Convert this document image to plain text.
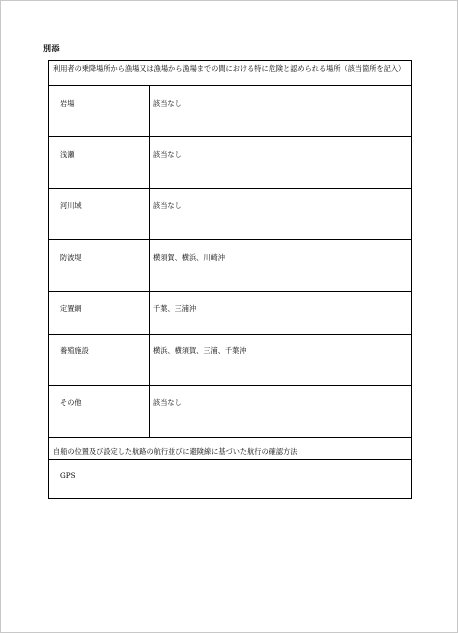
別添
利用者の乗降場所から漁場又は漁場から漁場までの間における特に危険と認められる場所（該当箇所を記入）
岩場	該当なし
浅瀬	該当なし
河川域	該当なし
防波堤	横須賀、横浜、川崎沖
定置網	千葉、三浦沖
養殖施設	横浜、横須賀、三浦、千葉沖
その他	該当なし
自船の位置及び設定した航路の航行並びに避険線に基づいた航行の確認方法
GPS
